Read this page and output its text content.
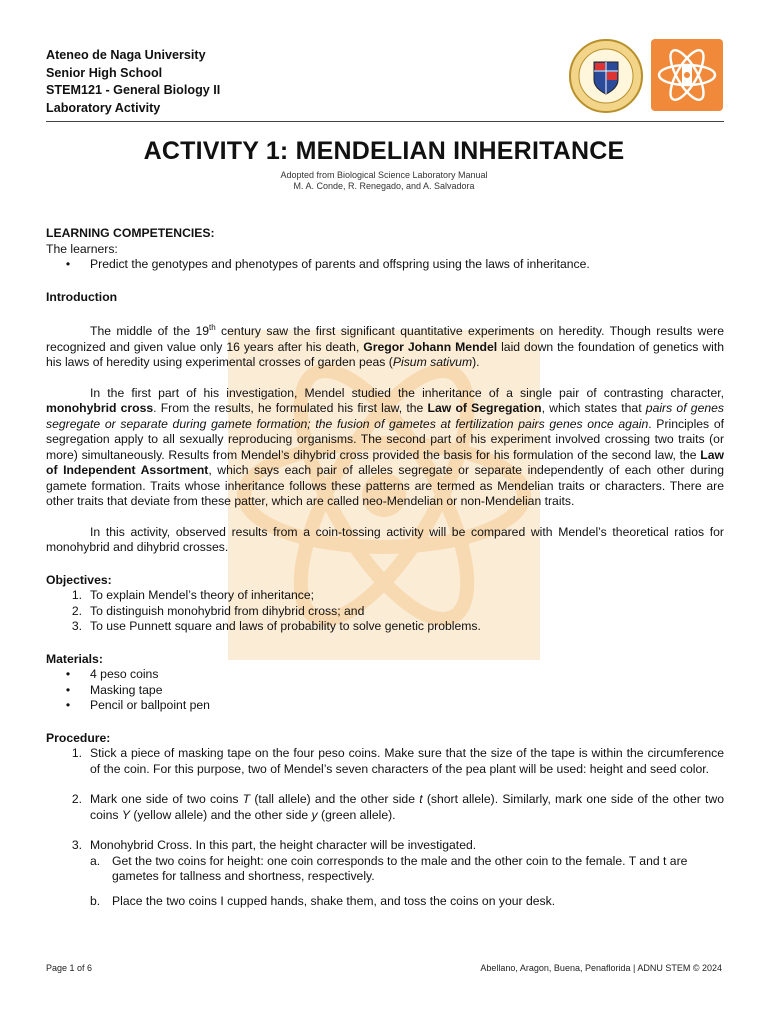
Ateneo de Naga University
Senior High School
STEM121 - General Biology II
Laboratory Activity
ACTIVITY 1: MENDELIAN INHERITANCE
Adopted from Biological Science Laboratory Manual
M. A. Conde, R. Renegado, and A. Salvadora

LEARNING COMPETENCIES:

The learners:

•	Predict the genotypes and phenotypes of parents and offspring using the laws of inheritance.

Introduction

The middle of the 19th century saw the first significant quantitative experiments on heredity. Though results were recognized and given value only 16 years after his death, Gregor Johann Mendel laid down the foundation of genetics with his laws of heredity using experimental crosses of garden peas (Pisum sativum).

In the first part of his investigation, Mendel studied the inheritance of a single pair of contrasting character, monohybrid cross. From the results, he formulated his first law, the Law of Segregation, which states that pairs of genes segregate or separate during gamete formation; the fusion of gametes at fertilization pairs genes once again. Principles of segregation apply to all sexually reproducing organisms. The second part of his experiment involved crossing two traits (or more) simultaneously. Results from Mendel’s dihybrid cross provided the basis for his formulation of the second law, the Law of Independent Assortment, which says each pair of alleles segregate or separate independently of each other during gamete formation. Traits whose inheritance follows these patterns are termed as Mendelian traits or characters. There are other traits that deviate from these patter, which are called neo-Mendelian or non-Mendelian traits.

In this activity, observed results from a coin-tossing activity will be compared with Mendel’s theoretical ratios for monohybrid and dihybrid crosses.

Objectives:

1. To explain Mendel’s theory of inheritance;
2. To distinguish monohybrid from dihybrid cross; and
3. To use Punnett square and laws of probability to solve genetic problems.

Materials:

•	4 peso coins
•	Masking tape
•	Pencil or ballpoint pen

Procedure:

1. Stick a piece of masking tape on the four peso coins. Make sure that the size of the tape is within the circumference of the coin. For this purpose, two of Mendel’s seven characters of the pea plant will be used: height and seed color.
2. Mark one side of two coins T (tall allele) and the other side t (short allele). Similarly, mark one side of the other two coins Y (yellow allele) and the other side y (green allele).
3. Monohybrid Cross. In this part, the height character will be investigated.
a. Get the two coins for height: one coin corresponds to the male and the other coin to the female. T and t are gametes for tallness and shortness, respectively.
b. Place the two coins I cupped hands, shake them, and toss the coins on your desk.
Page 1 of 6	Abellano, Aragon, Buena, Penaflorida | ADNU STEM © 2024
